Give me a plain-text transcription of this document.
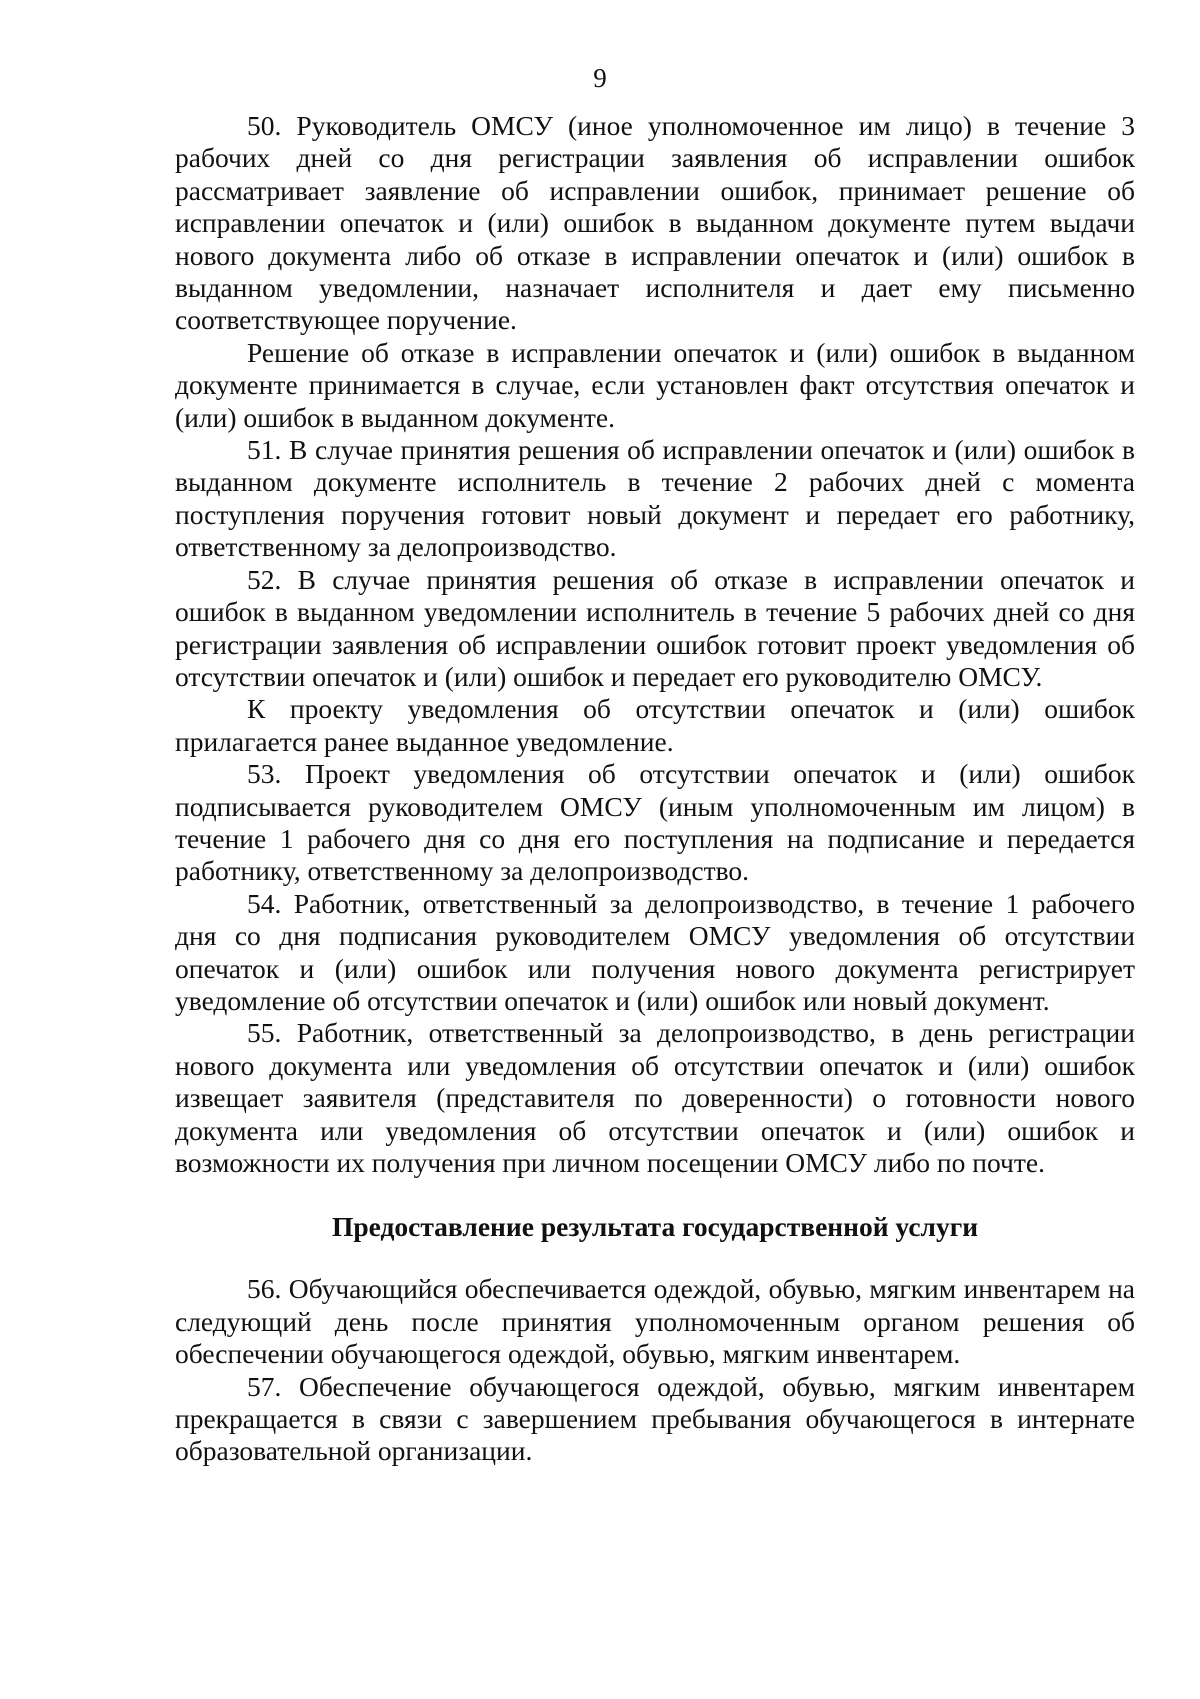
9

50. Руководитель ОМСУ (иное уполномоченное им лицо) в течение 3 рабочих дней со дня регистрации заявления об исправлении ошибок рассматривает заявление об исправлении ошибок, принимает решение об исправлении опечаток и (или) ошибок в выданном документе путем выдачи нового документа либо об отказе в исправлении опечаток и (или) ошибок в выданном уведомлении, назначает исполнителя и дает ему письменно соответствующее поручение.

Решение об отказе в исправлении опечаток и (или) ошибок в выданном документе принимается в случае, если установлен факт отсутствия опечаток и (или) ошибок в выданном документе.

51. В случае принятия решения об исправлении опечаток и (или) ошибок в выданном документе исполнитель в течение 2 рабочих дней с момента поступления поручения готовит новый документ и передает его работнику, ответственному за делопроизводство.

52. В случае принятия решения об отказе в исправлении опечаток и ошибок в выданном уведомлении исполнитель в течение 5 рабочих дней со дня регистрации заявления об исправлении ошибок готовит проект уведомления об отсутствии опечаток и (или) ошибок и передает его руководителю ОМСУ.

К проекту уведомления об отсутствии опечаток и (или) ошибок прилагается ранее выданное уведомление.

53. Проект уведомления об отсутствии опечаток и (или) ошибок подписывается руководителем ОМСУ (иным уполномоченным им лицом) в течение 1 рабочего дня со дня его поступления на подписание и передается работнику, ответственному за делопроизводство.

54. Работник, ответственный за делопроизводство, в течение 1 рабочего дня со дня подписания руководителем ОМСУ уведомления об отсутствии опечаток и (или) ошибок или получения нового документа регистрирует уведомление об отсутствии опечаток и (или) ошибок или новый документ.

55. Работник, ответственный за делопроизводство, в день регистрации нового документа или уведомления об отсутствии опечаток и (или) ошибок извещает заявителя (представителя по доверенности) о готовности нового документа или уведомления об отсутствии опечаток и (или) ошибок и возможности их получения при личном посещении ОМСУ либо по почте.

Предоставление результата государственной услуги

56. Обучающийся обеспечивается одеждой, обувью, мягким инвентарем на следующий день после принятия уполномоченным органом решения об обеспечении обучающегося одеждой, обувью, мягким инвентарем.

57. Обеспечение обучающегося одеждой, обувью, мягким инвентарем прекращается в связи с завершением пребывания обучающегося в интернате образовательной организации.
